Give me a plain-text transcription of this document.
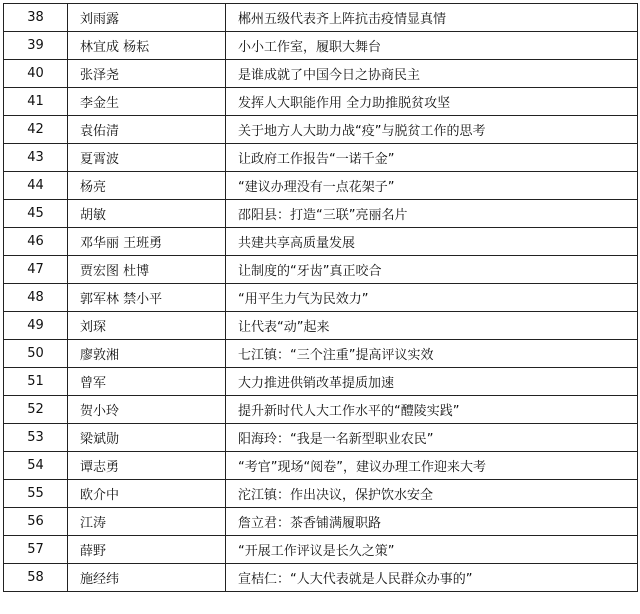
38	刘雨露	郴州五级代表齐上阵抗击疫情显真情
39	林宜成 杨耘	小小工作室，履职大舞台
40	张泽尧	是谁成就了中国今日之协商民主
41	李金生	发挥人大职能作用 全力助推脱贫攻坚
42	袁佑清	关于地方人大助力战“疫”与脱贫工作的思考
43	夏霄波	让政府工作报告“一诺千金”
44	杨亮	“建议办理没有一点花架子”
45	胡敏	邵阳县：打造“三联”亮丽名片
46	邓华丽 王班勇	共建共享高质量发展
47	贾宏图 杜博	让制度的“牙齿”真正咬合
48	郭军林 禁小平	“用平生力气为民效力”
49	刘琛	让代表“动”起来
50	廖敦湘	七江镇：“三个注重”提高评议实效
51	曾军	大力推进供销改革提质加速
52	贺小玲	提升新时代人大工作水平的“醴陵实践”
53	梁斌勋	阳海玲：“我是一名新型职业农民”
54	谭志勇	“考官”现场“阅卷”，建议办理工作迎来大考
55	欧介中	沱江镇：作出决议，保护饮水安全
56	江涛	詹立君：茶香铺满履职路
57	薛野	“开展工作评议是长久之策”
58	施经纬	宣桔仁：“人大代表就是人民群众办事的”
